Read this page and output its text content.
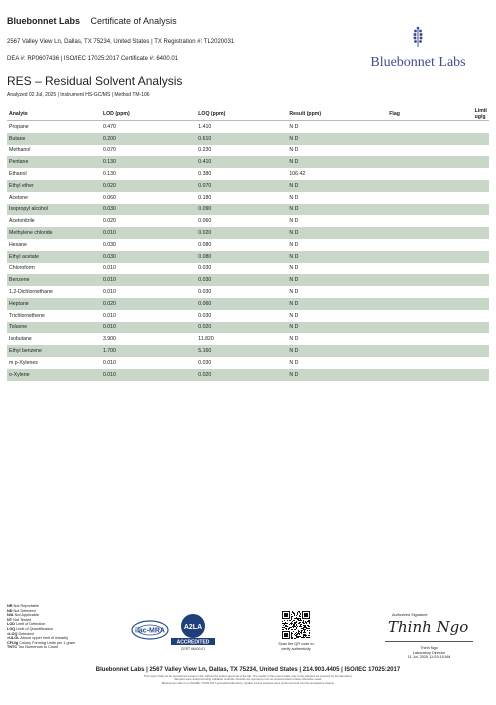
Bluebonnet Labs Certificate of Analysis
2567 Valley View Ln, Dallas, TX 75234, United States | TX Registration #: TL2020031
DEA #: RP0607436 | ISO/IEC 17025:2017 Certificate #: 6400.01	Bluebonnet Labs
RES – Residual Solvent Analysis
Analyzed 02 Jul, 2025 | Instrument HS-GC/MS | Method TM-106
Analyte	LOD (ppm)	LOQ (ppm)	Result (ppm)	Flag	Limit ug/g
Propane	0.470	1.410	N D		
Butane	0.200	0.610	N D		
Methanol	0.070	0.230	N D		
Pentane	0.130	0.410	N D		
Ethanol	0.130	0.380	106.42		
Ethyl ether	0.020	0.070	N D		
Acetone	0.060	0.180	N D		
Isopropyl alcohol	0.030	0.090	N D		
Acetonitrile	0.020	0.060	N D		
Methylene chloride	0.010	0.020	N D		
Hexane	0.030	0.080	N D		
Ethyl acetate	0.030	0.080	N D		
Chloroform	0.010	0.030	N D		
Benzene	0.010	0.030	N D		
1,2-Dichloroethane	0.010	0.030	N D		
Heptane	0.020	0.060	N D		
Trichloroethene	0.010	0.030	N D		
Toluene	0.010	0.020	N D		
Isobutane	3.900	11.820	N D		
Ethyl benzene	1.700	5.160	N D		
m p-Xylenes	0.010	0.030	N D		
o-Xylene	0.010	0.020	N D		
NR Not Reportable
ND Not Detected
N/A Not Applicable
NT Not Tested
LOD Limit of Detection
LOQ Limit of Quantification
<LOQ Detected
>ULOL Above upper limit of linearity
CFU/g Colony Forming Units per 1 gram
TNTC Too Numerous to Count
ilac-MRA	A2LA
ACCREDITED
CERT #6400.01
Scan the QR code to
verify authenticity
Authorized Signature
Thinh Ngo
Thinh Ngo
Laboratory Director
11 Jul, 2025 11:03:19 AM
Bluebonnet Labs | 2567 Valley View Ln, Dallas, TX 75234, United States | 214.903.4405 | ISO/IEC 17025:2017
This report shall not be reproduced except in full, without the written approval of the lab. The results in this report relate only to the samples as received by the laboratory.
Samples were analyzed using validated methods. Results are reported on an as-received basis unless otherwise noted.
Bluebonnet Labs is an ISO/IEC 17025:2017 accredited laboratory. Quality control samples were performed and met the acceptance criteria.
